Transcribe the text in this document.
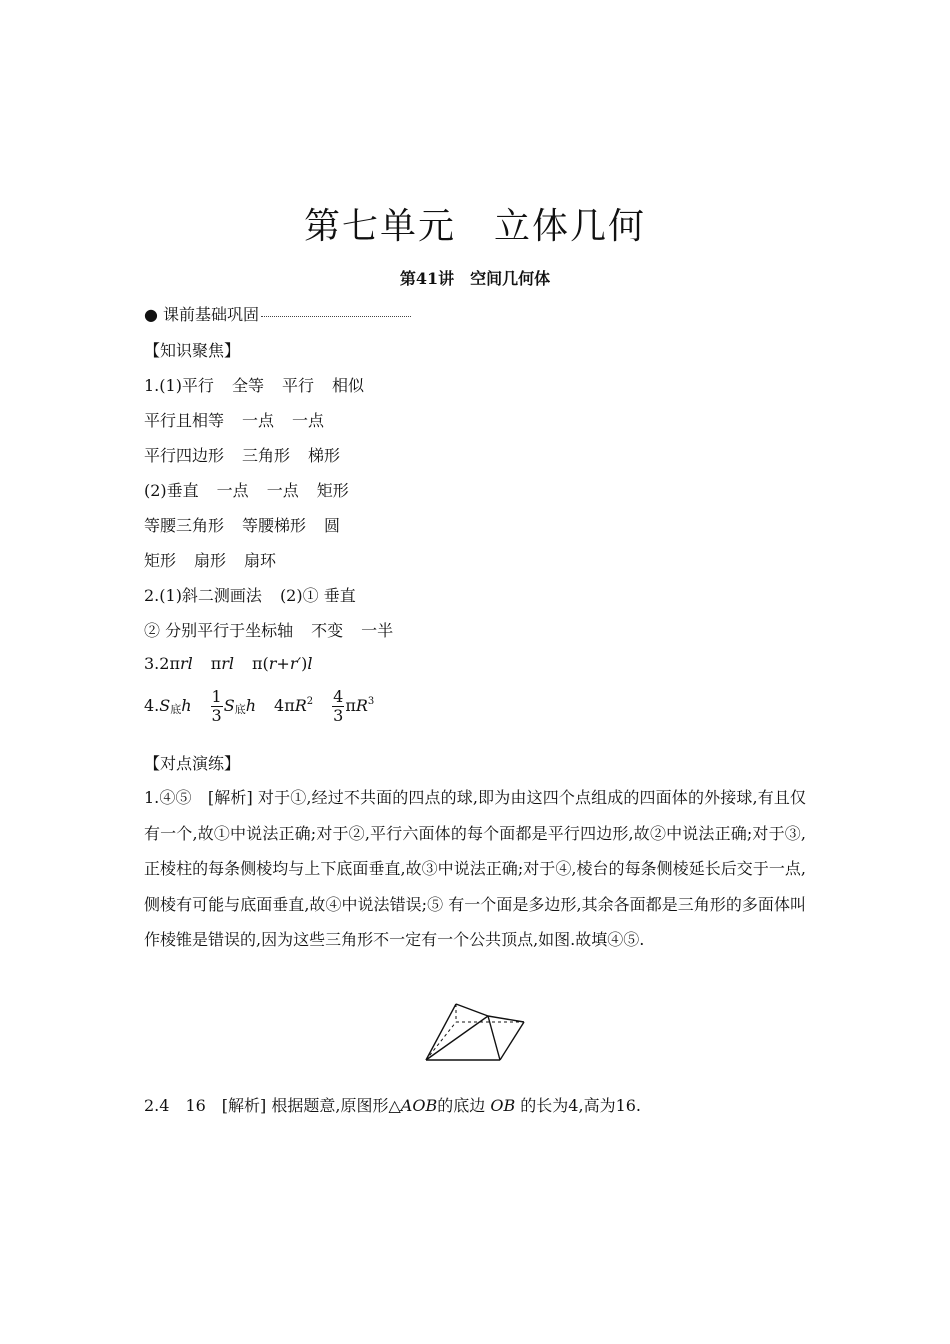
第七单元　立体几何
第41讲　空间几何体
● 课前基础巩固
【知识聚焦】
1.(1)平行 全等 平行 相似
平行且相等 一点 一点
平行四边形 三角形 梯形
(2)垂直 一点 一点 矩形
等腰三角形 等腰梯形 圆
矩形 扇形 扇环
2.(1)斜二测画法 (2)① 垂直
② 分别平行于坐标轴 不变 一半
3.2πrl πrl π(r+r′)l
4.S底h $\frac{1}{3}$ S底h $4\pi R^2 \frac{4}{3} \pi R^3$
【对点演练】
1.④⑤　[解析] 对于①,经过不共面的四点的球,即为由这四个点组成的四面体的外接球,有且仅有一个,故①中说法正确;对于②,平行六面体的每个面都是平行四边形,故②中说法正确;对于③,正棱柱的每条侧棱均与上下底面垂直,故③中说法正确;对于④,棱台的每条侧棱延长后交于一点,侧棱有可能与底面垂直,故④中说法错误;⑤ 有一个面是多边形,其余各面都是三角形的多面体叫作棱锥是错误的,因为这些三角形不一定有一个公共顶点,如图.故填④⑤.
2.4　16　[解析] 根据题意,原图形△AOB的底边 OB 的长为4,高为16.
